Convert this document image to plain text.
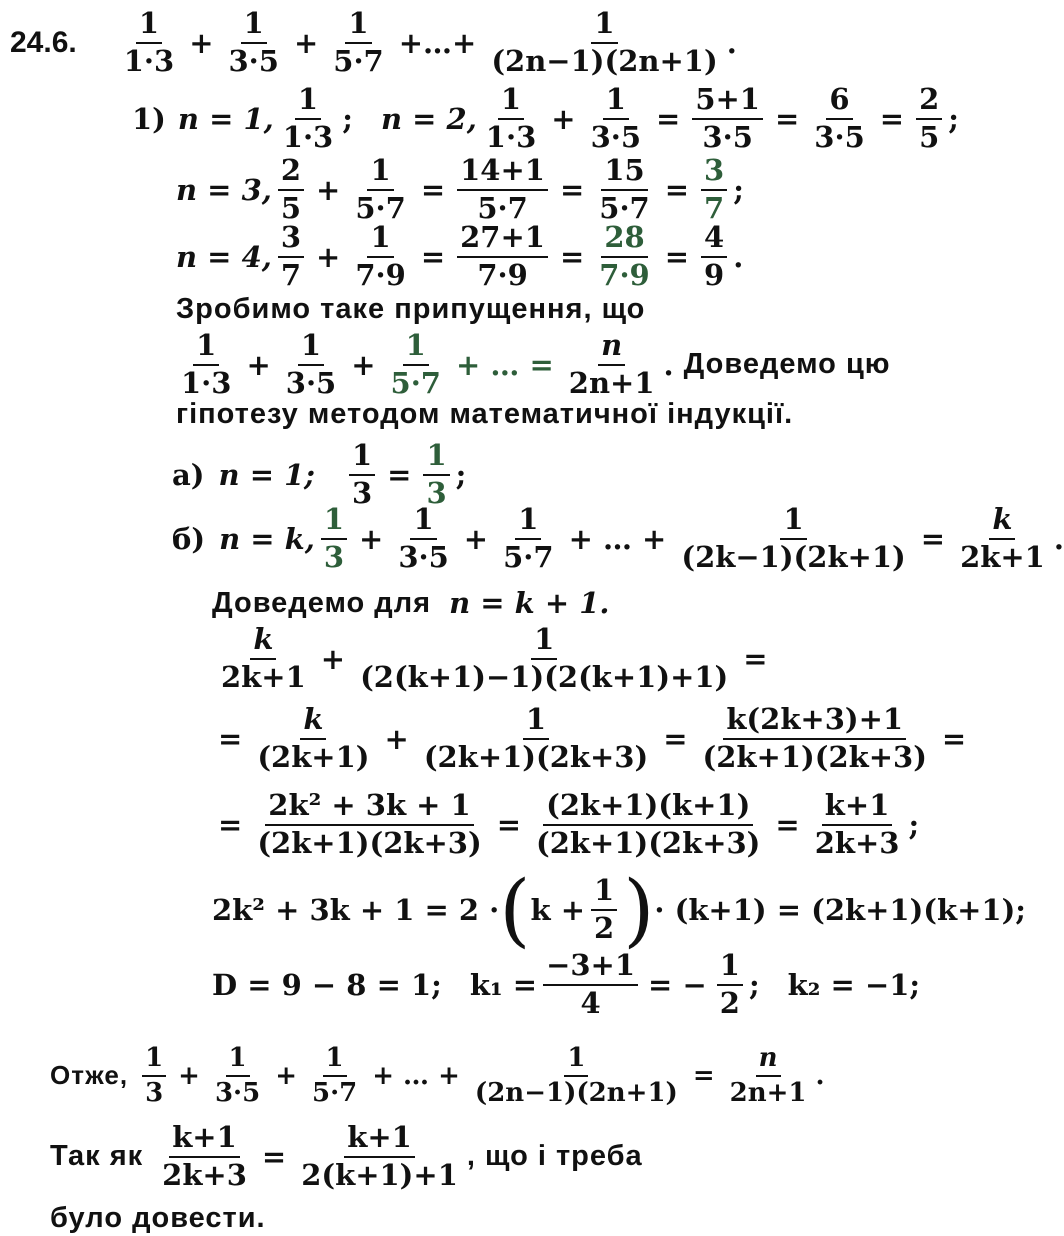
24.6.
1
1·3
+ $\frac{1}{3\cdot 5} + \frac{1}{5\cdot 7}$ +…+ $\frac{1}{(2n-1)(2n+1)}$ .
1) n = 1,
1
1·3
; n = 2,
1
1·3
+ $\frac{1}{3\cdot 5} = \frac{5+1}{3\cdot 5} = \frac{6}{3\cdot 5} = \frac{2}{5}$ ;
n = 3,
2
5
+ $\frac{1}{5\cdot 7} = \frac{14+1}{5\cdot 7} = \frac{15}{5\cdot 7} = \frac{3}{7}$ ;
n = 4,
3
7
+ $\frac{1}{7\cdot 9} = \frac{27+1}{7\cdot 9} = \frac{28}{7\cdot 9} = \frac{4}{9}$ .
Зробимо таке припущення, що
1
1·3
+ $\frac{1}{3\cdot 5} + \frac{1}{5\cdot 7}$ + … = $\frac{n}{2n+1}$ . Доведемо цю
гіпотезу методом математичної індукції.
а) n = 1; $\frac{1}{3} = \frac{1}{3}$ ;
б) n = k,
1
3
+ $\frac{1}{3\cdot 5} + \frac{1}{5\cdot 7}$ + … + $\frac{1}{(2k-1)(2k+1)} = \frac{k}{2k+1}$ .
Доведемо для n = k + 1.
k
2k+1
+ $\frac{1}{(2(k+1)-1)(2(k+1)+1)}$ =
= $\frac{k}{(2k+1)} + \frac{1}{(2k+1)(2k+3)} = \frac{k(2k+3)+1}{(2k+1)(2k+3)}$ =
= $\frac{\text{2k² + 3k + 1}}{(2k+1)(2k+3)} = \frac{(2k+1)(k+1)}{(2k+1)(2k+3)} = \frac{k+1}{2k+3}$ ;
2k² + 3k + 1 = 2 · ( $k + \frac{1}{2}$ ) · (k+1) = (2k+1)(k+1);
D = 9 − 8 = 1; $k_1 = \frac{-3+1}{4}$ = − $\frac{1}{2}$ ; k₂ = −1;
Отже,
1
3
+ $\frac{1}{3\cdot 5} + \frac{1}{5\cdot 7}$ + … + $\frac{1}{(2n-1)(2n+1)} = \frac{n}{2n+1}$ .
Так як $\frac{k+1}{2k+3} = \frac{k+1}{2(k+1)+1}$ , що і треба
було довести.
